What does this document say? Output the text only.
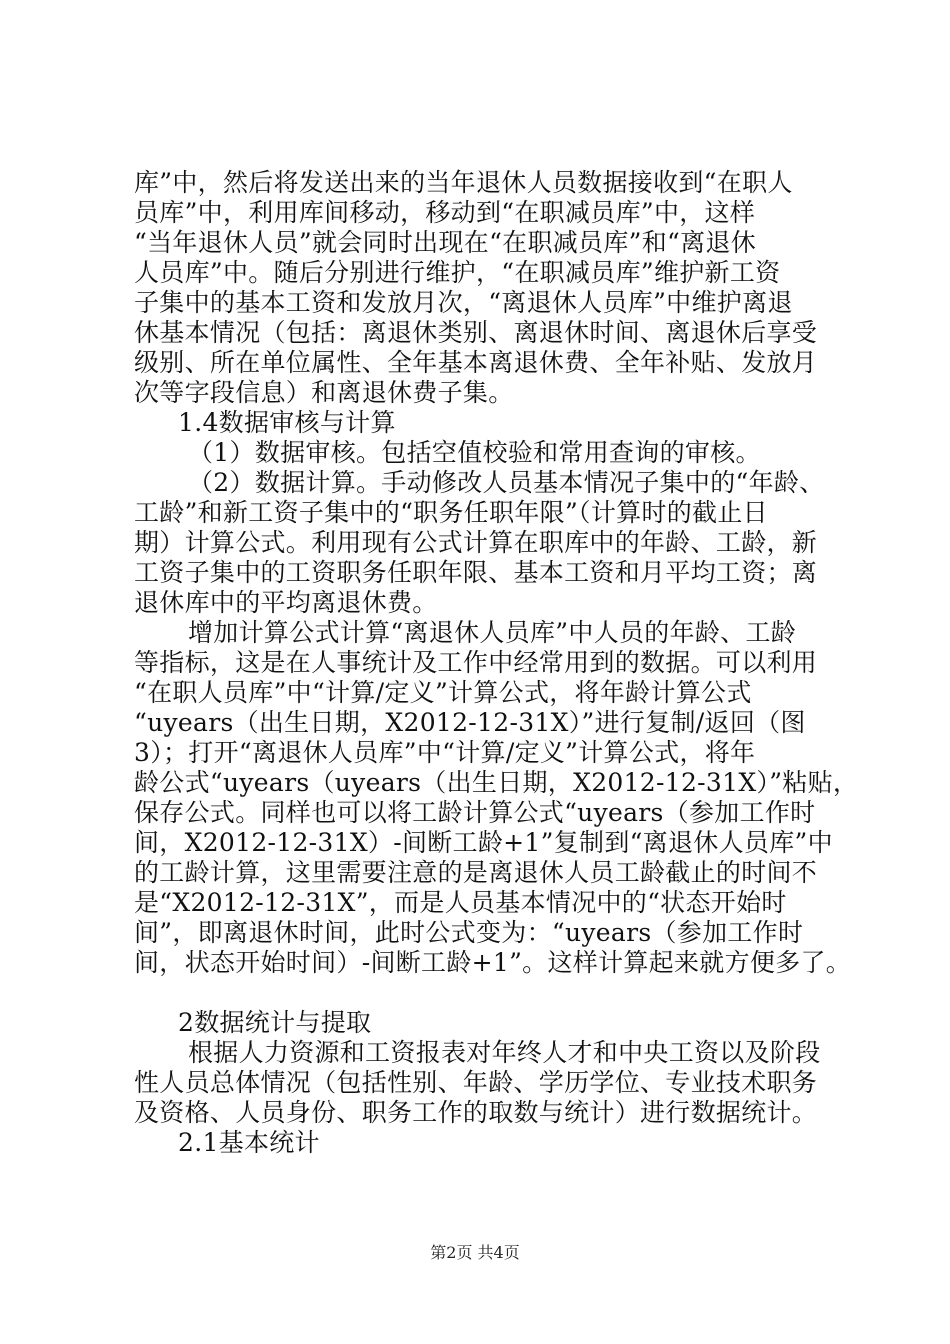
库”中，然后将发送出来的当年退休人员数据接收到“在职人
员库”中，利用库间移动，移动到“在职减员库”中，这样
“当年退休人员”就会同时出现在“在职减员库”和“离退休
人员库”中。随后分别进行维护，“在职减员库”维护新工资
子集中的基本工资和发放月次，“离退休人员库”中维护离退
休基本情况（包括：离退休类别、离退休时间、离退休后享受
级别、所在单位属性、全年基本离退休费、全年补贴、发放月
次等字段信息）和离退休费子集。
1.4数据审核与计算
（1）数据审核。包括空值校验和常用查询的审核。
（2）数据计算。手动修改人员基本情况子集中的“年龄、
工龄”和新工资子集中的“职务任职年限”（计算时的截止日
期）计算公式。利用现有公式计算在职库中的年龄、工龄，新
工资子集中的工资职务任职年限、基本工资和月平均工资；离
退休库中的平均离退休费。
增加计算公式计算“离退休人员库”中人员的年龄、工龄
等指标，这是在人事统计及工作中经常用到的数据。可以利用
“在职人员库”中“计算/定义”计算公式，将年龄计算公式
“uyears（出生日期，X2012-12-31X）”进行复制/返回（图
3）；打开“离退休人员库”中“计算/定义”计算公式，将年
龄公式“uyears（uyears（出生日期，X2012-12-31X）”粘贴，
保存公式。同样也可以将工龄计算公式“uyears（参加工作时
间，X2012-12-31X）-间断工龄+1”复制到“离退休人员库”中
的工龄计算，这里需要注意的是离退休人员工龄截止的时间不
是“X2012-12-31X”，而是人员基本情况中的“状态开始时
间”，即离退休时间，此时公式变为：“uyears（参加工作时
间，状态开始时间）-间断工龄+1”。这样计算起来就方便多了。
2数据统计与提取
根据人力资源和工资报表对年终人才和中央工资以及阶段
性人员总体情况（包括性别、年龄、学历学位、专业技术职务
及资格、人员身份、职务工作的取数与统计）进行数据统计。
2.1基本统计
第2页 共4页
